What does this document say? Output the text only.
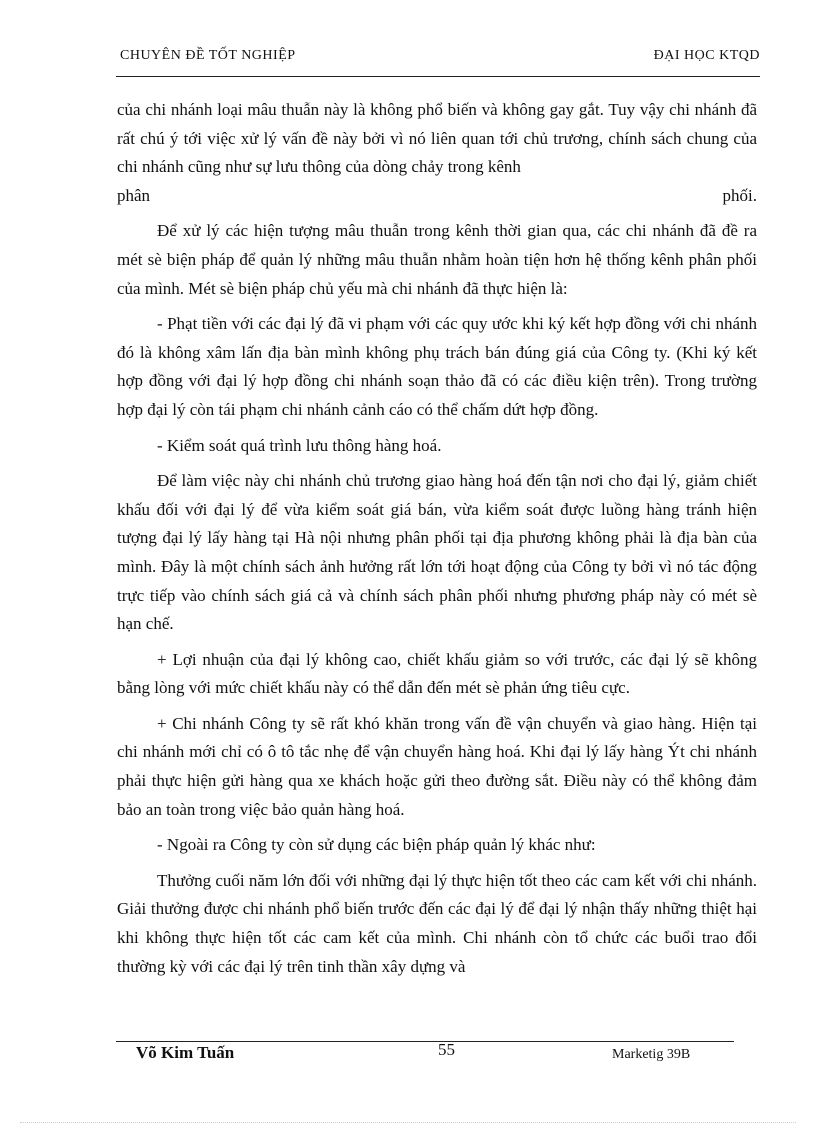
CHUYÊN ĐỀ TỐT NGHIỆP	ĐẠI HỌC KTQD

của chi nhánh loại mâu thuẫn này là không phổ biến và không gay gắt. Tuy vậy chi nhánh đã rất chú ý tới việc xử lý vấn đề này bởi vì nó liên quan tới chủ trương, chính sách chung của chi nhánh cũng như sự lưu thông của dòng chảy trong kênh

phân phối.

Để xử lý các hiện tượng mâu thuẫn trong kênh thời gian qua, các chi nhánh đã đề ra mét sè biện pháp để quản lý những mâu thuẫn nhằm hoàn tiện hơn hệ thống kênh phân phối của mình. Mét sè biện pháp chủ yếu mà chi nhánh đã thực hiện là:

- Phạt tiền với các đại lý đã vi phạm với các quy ước khi ký kết hợp đồng với chi nhánh đó là không xâm lấn địa bàn mình không phụ trách bán đúng giá của Công ty. (Khi ký kết hợp đồng với đại lý hợp đồng chi nhánh soạn thảo đã có các điều kiện trên). Trong trường hợp đại lý còn tái phạm chi nhánh cảnh cáo có thể chấm dứt hợp đồng.

- Kiểm soát quá trình lưu thông hàng hoá.

Để làm việc này chi nhánh chủ trương giao hàng hoá đến tận nơi cho đại lý, giảm chiết khấu đối với đại lý để vừa kiểm soát giá bán, vừa kiểm soát được luồng hàng tránh hiện tượng đại lý lấy hàng tại Hà nội nhưng phân phối tại địa phương không phải là địa bàn của mình. Đây là một chính sách ảnh hưởng rất lớn tới hoạt động của Công ty bởi vì nó tác động trực tiếp vào chính sách giá cả và chính sách phân phối nhưng phương pháp này có mét sè hạn chế.

+ Lợi nhuận của đại lý không cao, chiết khấu giảm so với trước, các đại lý sẽ không bằng lòng với mức chiết khấu này có thể dẫn đến mét sè phản ứng tiêu cực.

+ Chi nhánh Công ty sẽ rất khó khăn trong vấn đề vận chuyển và giao hàng. Hiện tại chi nhánh mới chỉ có ô tô tắc nhẹ để vận chuyển hàng hoá. Khi đại lý lấy hàng Ýt chi nhánh phải thực hiện gửi hàng qua xe khách hoặc gửi theo đường sắt. Điều này có thể không đảm bảo an toàn trong việc bảo quản hàng hoá.

- Ngoài ra Công ty còn sử dụng các biện pháp quản lý khác như:

Thưởng cuối năm lớn đối với những đại lý thực hiện tốt theo các cam kết với chi nhánh. Giải thưởng được chi nhánh phổ biến trước đến các đại lý để đại lý nhận thấy những thiệt hại khi không thực hiện tốt các cam kết của mình. Chi nhánh còn tổ chức các buổi trao đổi thường kỳ với các đại lý trên tinh thần xây dựng và

Võ Kim Tuấn	55	Marketig 39B
